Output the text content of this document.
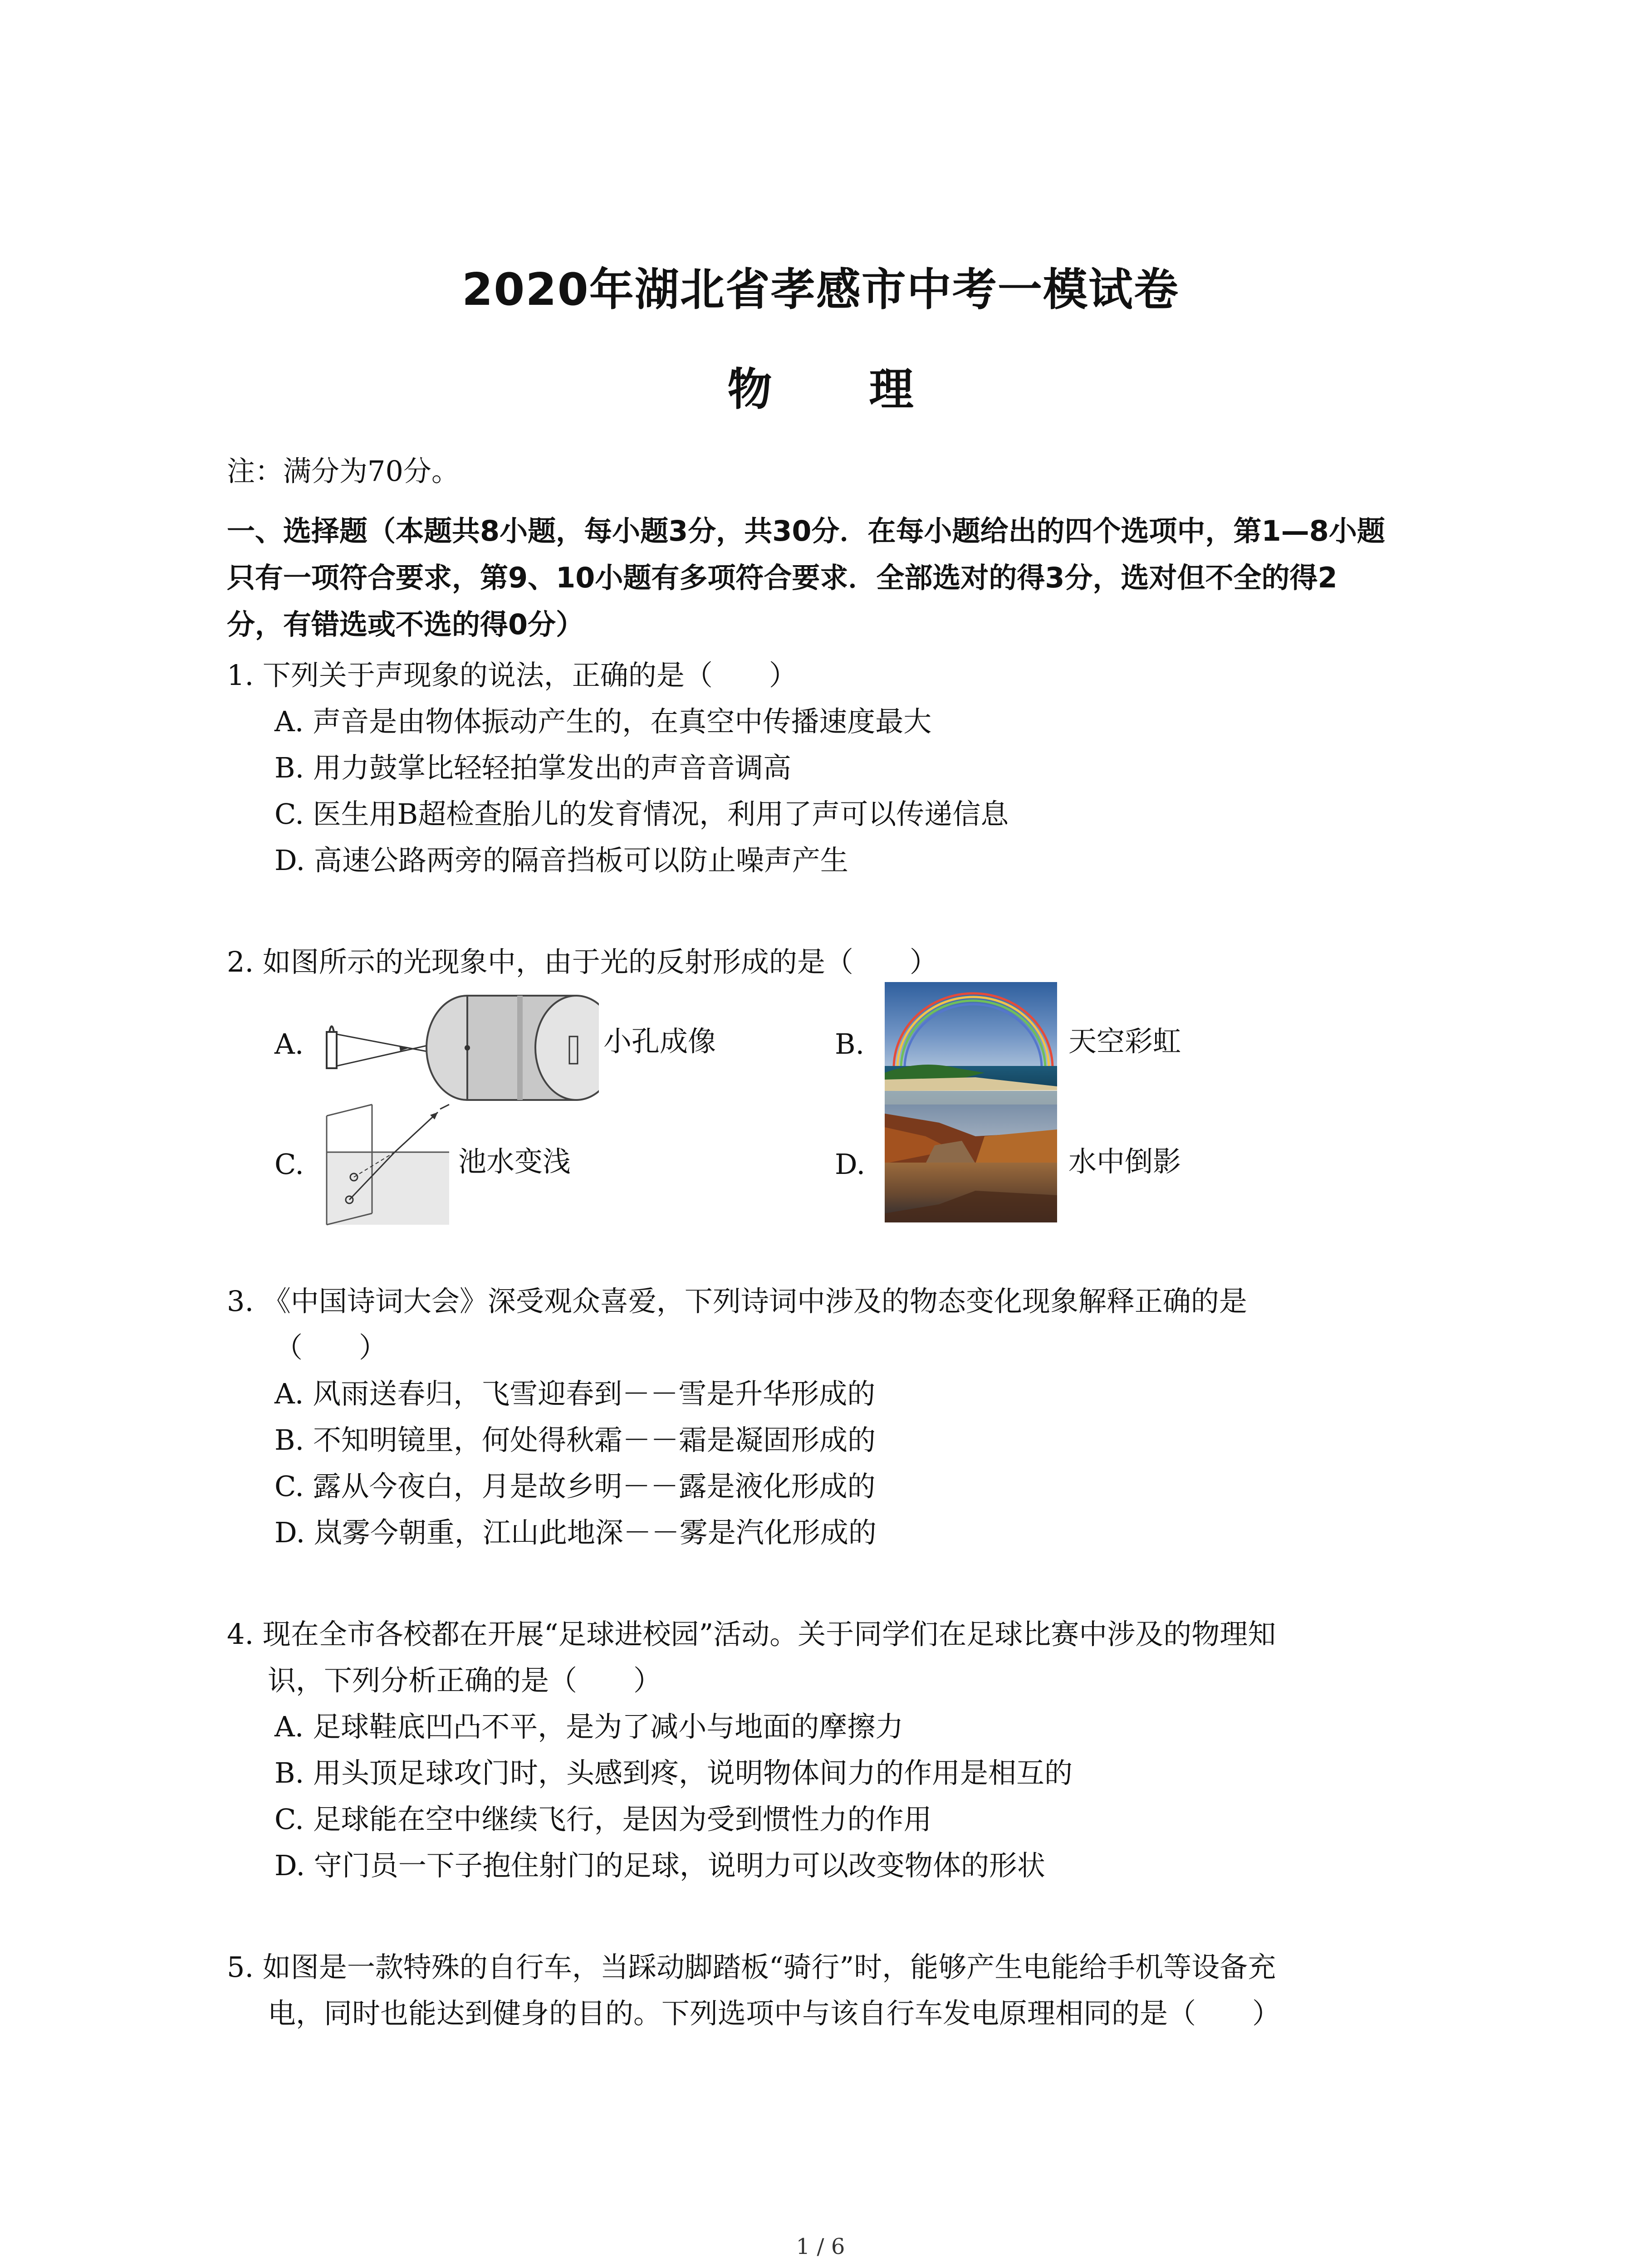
2020年湖北省孝感市中考一模试卷
物 理
注：满分为70分。
一、选择题（本题共8小题，每小题3分，共30分．在每小题给出的四个选项中，第1—8小题
只有一项符合要求，第9、10小题有多项符合要求．全部选对的得3分，选对但不全的得2
分，有错选或不选的得0分）
1. 下列关于声现象的说法，正确的是（　　）
A. 声音是由物体振动产生的，在真空中传播速度最大
B. 用力鼓掌比轻轻拍掌发出的声音音调高
C. 医生用B超检查胎儿的发育情况，利用了声可以传递信息
D. 高速公路两旁的隔音挡板可以防止噪声产生
2. 如图所示的光现象中，由于光的反射形成的是（　　）
A.	小孔成像	B.	天空彩虹
C.	池水变浅	D.	水中倒影
3. 《中国诗词大会》深受观众喜爱，下列诗词中涉及的物态变化现象解释正确的是
（　　）
A. 风雨送春归，飞雪迎春到－－雪是升华形成的
B. 不知明镜里，何处得秋霜－－霜是凝固形成的
C. 露从今夜白，月是故乡明－－露是液化形成的
D. 岚雾今朝重，江山此地深－－雾是汽化形成的
4. 现在全市各校都在开展“足球进校园”活动。关于同学们在足球比赛中涉及的物理知
识，下列分析正确的是（　　）
A. 足球鞋底凹凸不平，是为了减小与地面的摩擦力
B. 用头顶足球攻门时，头感到疼，说明物体间力的作用是相互的
C. 足球能在空中继续飞行，是因为受到惯性力的作用
D. 守门员一下子抱住射门的足球，说明力可以改变物体的形状
5. 如图是一款特殊的自行车，当踩动脚踏板“骑行”时，能够产生电能给手机等设备充
电，同时也能达到健身的目的。下列选项中与该自行车发电原理相同的是（　　）
1 / 6
